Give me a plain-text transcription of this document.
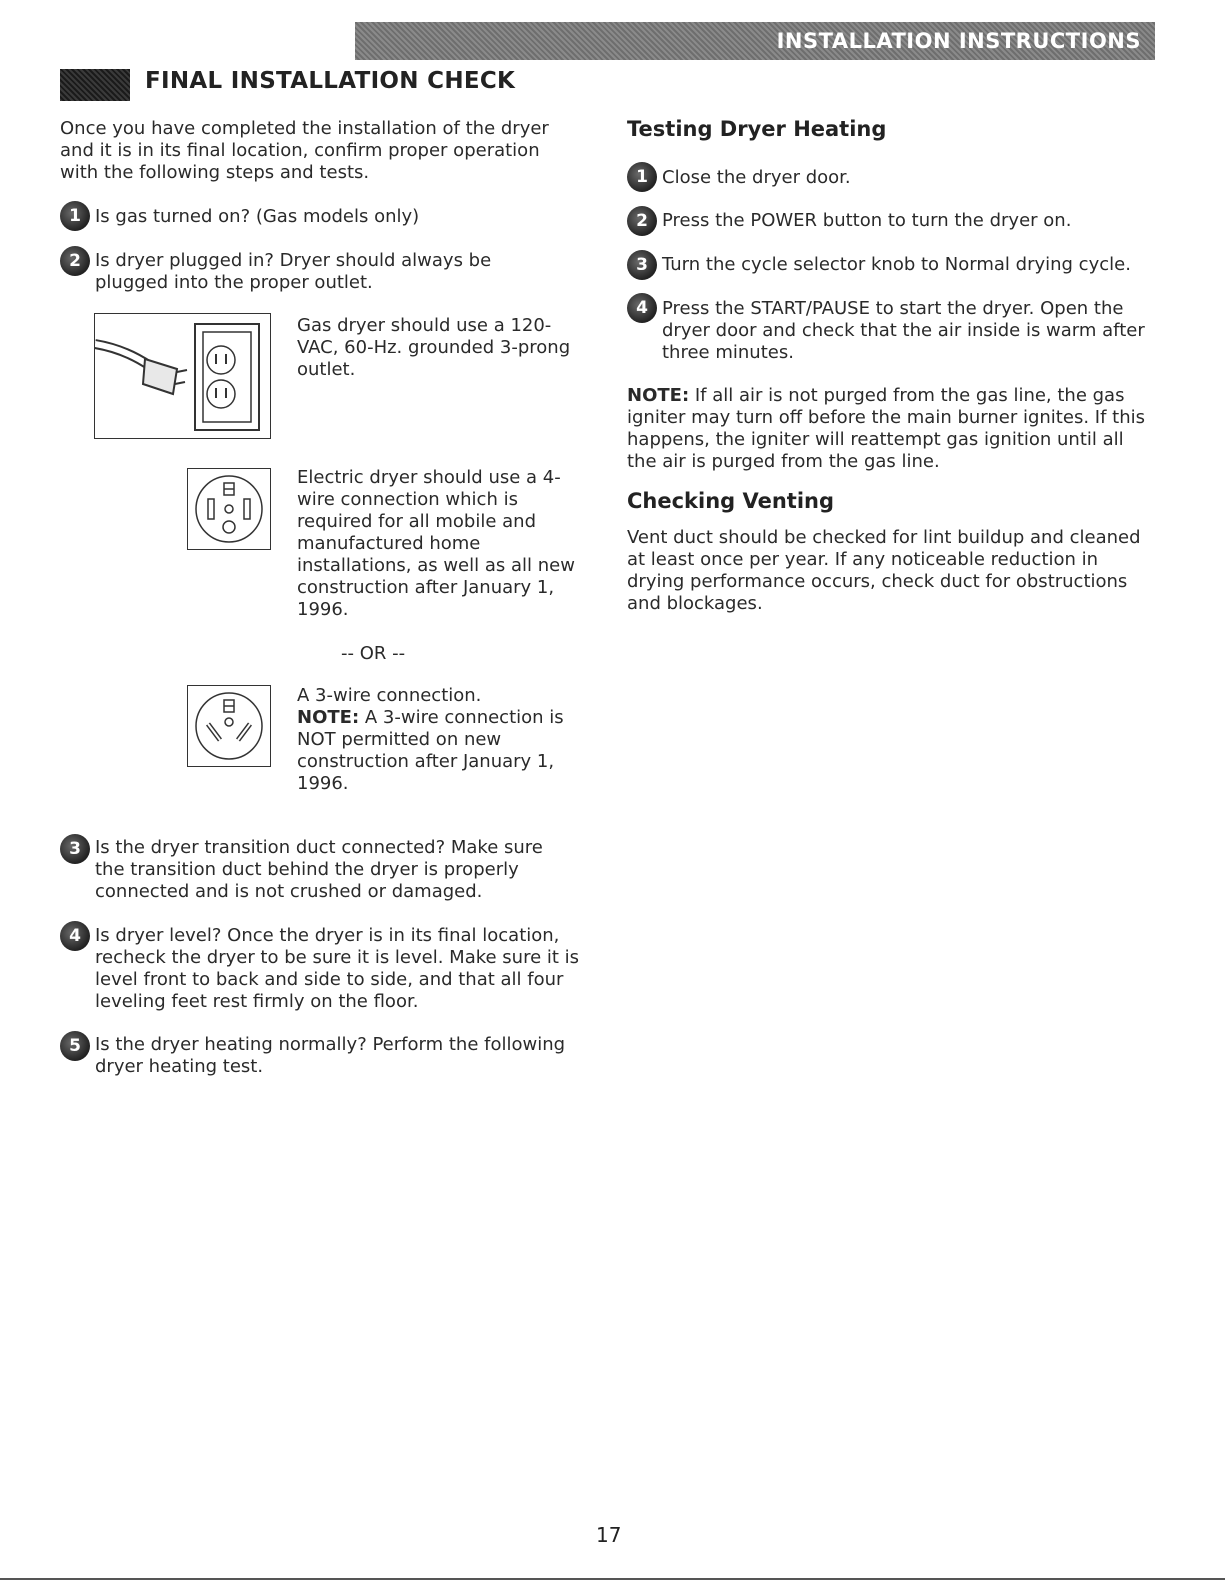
INSTALLATION INSTRUCTIONS
FINAL INSTALLATION CHECK

Once you have completed the installation of the dryer and it is in its final location, confirm proper operation with the following steps and tests.

1 Is gas turned on? (Gas models only)

2 Is dryer plugged in? Dryer should always be plugged into the proper outlet.

Gas dryer should use a 120-VAC, 60-Hz. grounded 3-prong outlet.

Electric dryer should use a 4-wire connection which is required for all mobile and manufactured home installations, as well as all new construction after January 1, 1996.

-- OR --

A 3-wire connection.
NOTE: A 3-wire connection is NOT permitted on new construction after January 1, 1996.

3 Is the dryer transition duct connected? Make sure the transition duct behind the dryer is properly connected and is not crushed or damaged.

4 Is dryer level? Once the dryer is in its final location, recheck the dryer to be sure it is level. Make sure it is level front to back and side to side, and that all four leveling feet rest firmly on the floor.

5 Is the dryer heating normally? Perform the following dryer heating test.

Testing Dryer Heating
1 Close the dryer door.

2 Press the POWER button to turn the dryer on.

3 Turn the cycle selector knob to Normal drying cycle.

4 Press the START/PAUSE to start the dryer. Open the dryer door and check that the air inside is warm after three minutes.

NOTE: If all air is not purged from the gas line, the gas igniter may turn off before the main burner ignites. If this happens, the igniter will reattempt gas ignition until all the air is purged from the gas line.

Checking Venting

Vent duct should be checked for lint buildup and cleaned at least once per year. If any noticeable reduction in drying performance occurs, check duct for obstructions and blockages.

17
